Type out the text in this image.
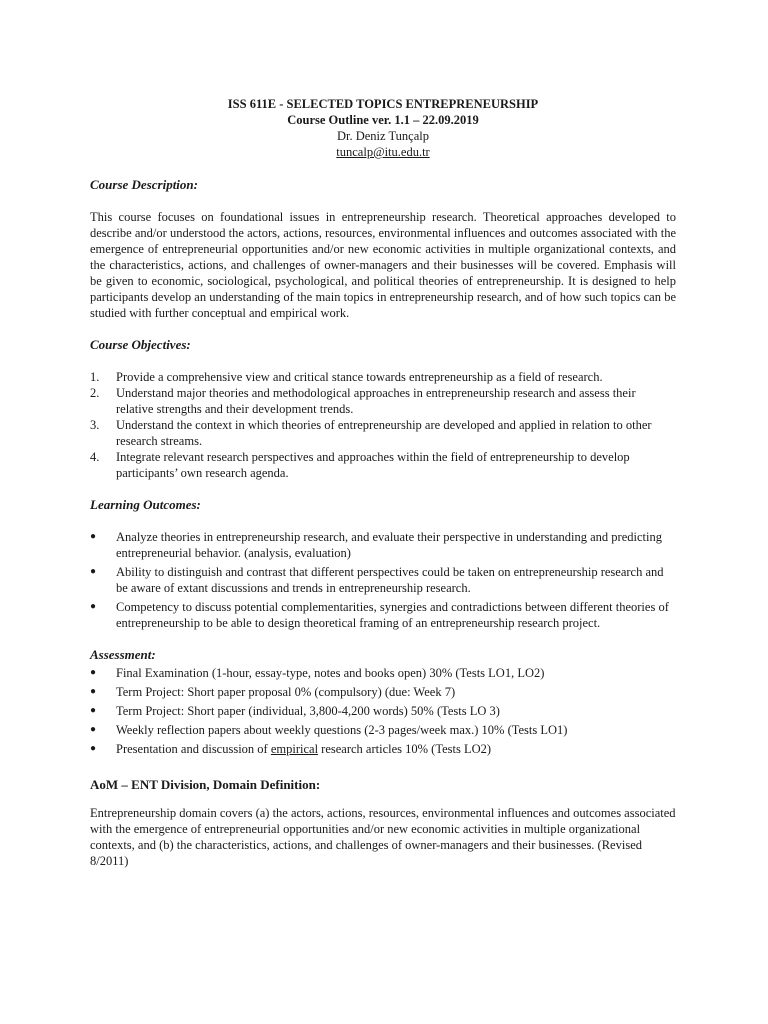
ISS 611E - SELECTED TOPICS ENTREPRENEURSHIP
Course Outline ver. 1.1 – 22.09.2019
Dr. Deniz Tunçalp
tuncalp@itu.edu.tr
Course Description:

This course focuses on foundational issues in entrepreneurship research. Theoretical approaches developed to describe and/or understood the actors, actions, resources, environmental influences and outcomes associated with the emergence of entrepreneurial opportunities and/or new economic activities in multiple organizational contexts, and the characteristics, actions, and challenges of owner-managers and their businesses will be covered. Emphasis will be given to economic, sociological, psychological, and political theories of entrepreneurship. It is designed to help participants develop an understanding of the main topics in entrepreneurship research, and of how such topics can be studied with further conceptual and empirical work.

Course Objectives:
1.	Provide a comprehensive view and critical stance towards entrepreneurship as a field of research.
2.	Understand major theories and methodological approaches in entrepreneurship research and assess their relative strengths and their development trends.
3.	Understand the context in which theories of entrepreneurship are developed and applied in relation to other research streams.
4.	Integrate relevant research perspectives and approaches within the field of entrepreneurship to develop participants’ own research agenda.
Learning Outcomes:
●	Analyze theories in entrepreneurship research, and evaluate their perspective in understanding and predicting entrepreneurial behavior. (analysis, evaluation)
●	Ability to distinguish and contrast that different perspectives could be taken on entrepreneurship research and be aware of extant discussions and trends in entrepreneurship research.
●	Competency to discuss potential complementarities, synergies and contradictions between different theories of entrepreneurship to be able to design theoretical framing of an entrepreneurship research project.
Assessment:
●	Final Examination (1-hour, essay-type, notes and books open) 30% (Tests LO1, LO2)
●	Term Project: Short paper proposal 0% (compulsory) (due: Week 7)
●	Term Project: Short paper (individual, 3,800-4,200 words) 50% (Tests LO 3)
●	Weekly reflection papers about weekly questions (2-3 pages/week max.) 10% (Tests LO1)
●	Presentation and discussion of empirical research articles 10% (Tests LO2)
AoM – ENT Division, Domain Definition:

Entrepreneurship domain covers (a) the actors, actions, resources, environmental influences and outcomes associated with the emergence of entrepreneurial opportunities and/or new economic activities in multiple organizational contexts, and (b) the characteristics, actions, and challenges of owner-managers and their businesses. (Revised 8/2011)
